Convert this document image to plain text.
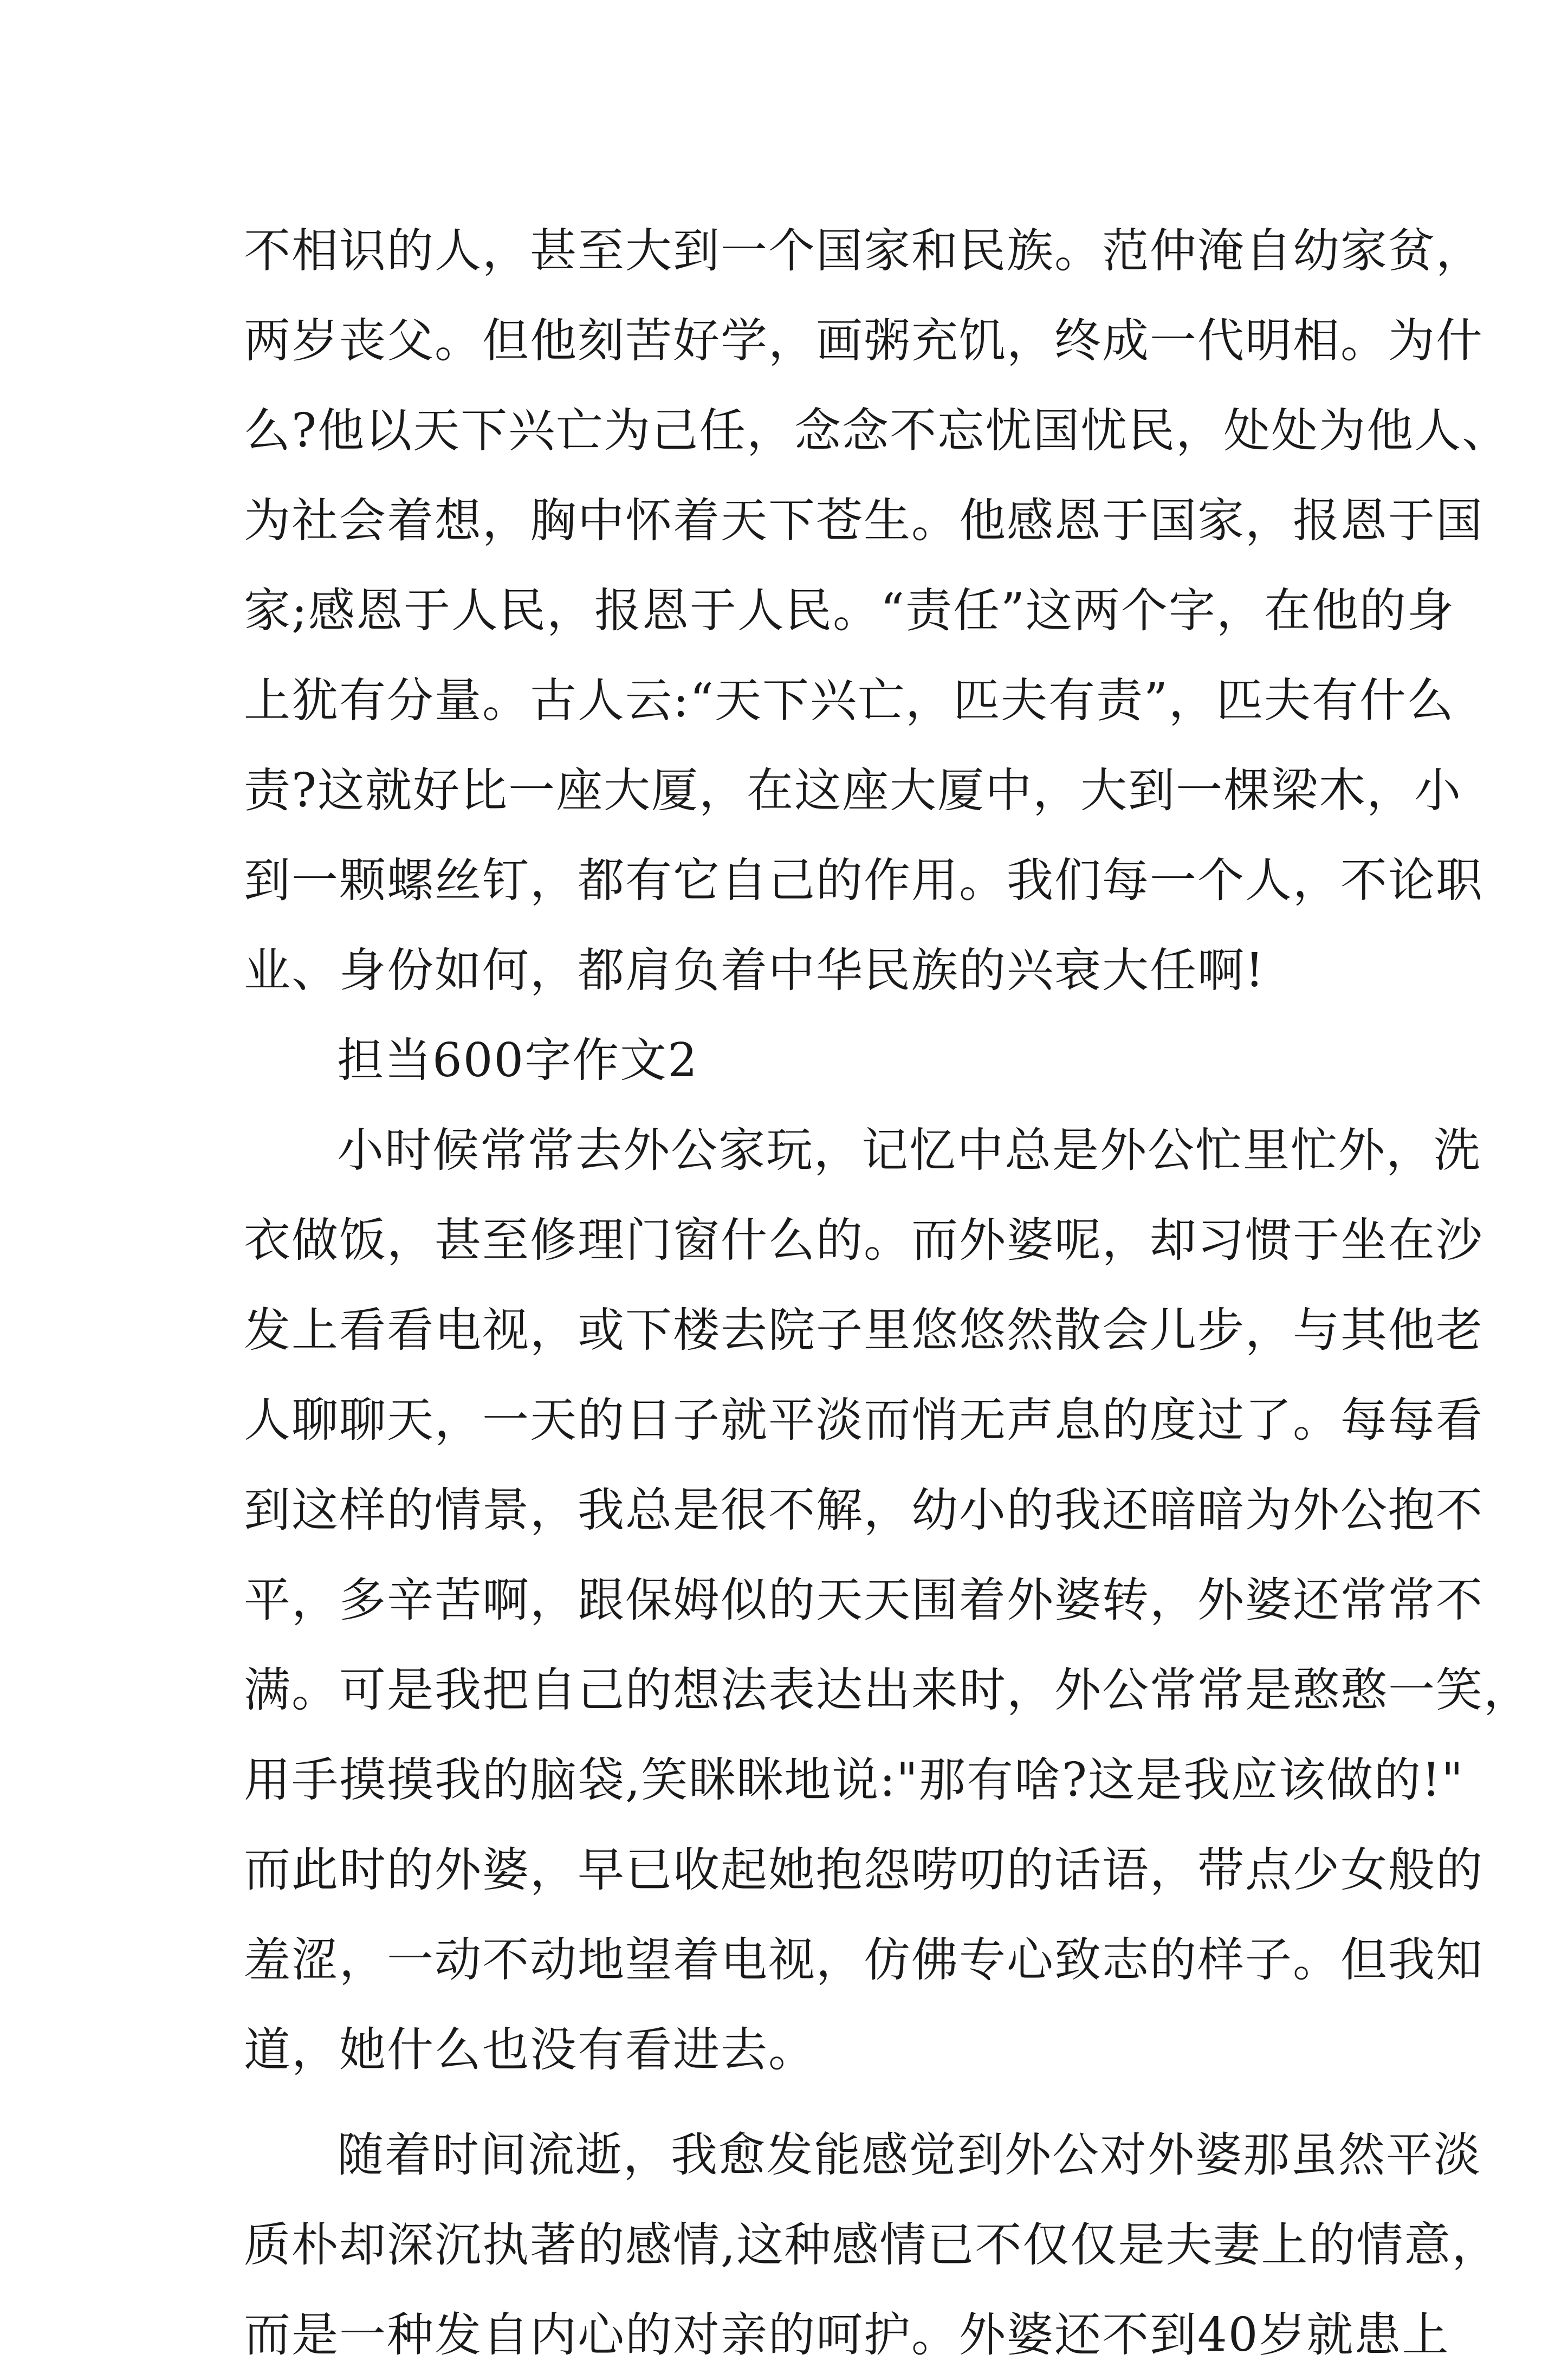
不相识的人，甚至大到一个国家和民族。范仲淹自幼家贫，
两岁丧父。但他刻苦好学，画粥充饥，终成一代明相。为什
么?他以天下兴亡为己任，念念不忘忧国忧民，处处为他人、
为社会着想，胸中怀着天下苍生。他感恩于国家，报恩于国
家;感恩于人民，报恩于人民。“责任”这两个字，在他的身
上犹有分量。古人云:“天下兴亡，匹夫有责”，匹夫有什么
责?这就好比一座大厦，在这座大厦中，大到一棵梁木，小
到一颗螺丝钉，都有它自己的作用。我们每一个人，不论职
业、身份如何，都肩负着中华民族的兴衰大任啊!
担当600字作文2
小时候常常去外公家玩，记忆中总是外公忙里忙外，洗
衣做饭，甚至修理门窗什么的。而外婆呢，却习惯于坐在沙
发上看看电视，或下楼去院子里悠悠然散会儿步，与其他老
人聊聊天，一天的日子就平淡而悄无声息的度过了。每每看
到这样的情景，我总是很不解，幼小的我还暗暗为外公抱不
平，多辛苦啊，跟保姆似的天天围着外婆转，外婆还常常不
满。可是我把自己的想法表达出来时，外公常常是憨憨一笑，
用手摸摸我的脑袋,笑眯眯地说:"那有啥?这是我应该做的!"
而此时的外婆，早已收起她抱怨唠叨的话语，带点少女般的
羞涩，一动不动地望着电视，仿佛专心致志的样子。但我知
道，她什么也没有看进去。
随着时间流逝，我愈发能感觉到外公对外婆那虽然平淡
质朴却深沉执著的感情,这种感情已不仅仅是夫妻上的情意，
而是一种发自内心的对亲的呵护。外婆还不到40岁就患上
